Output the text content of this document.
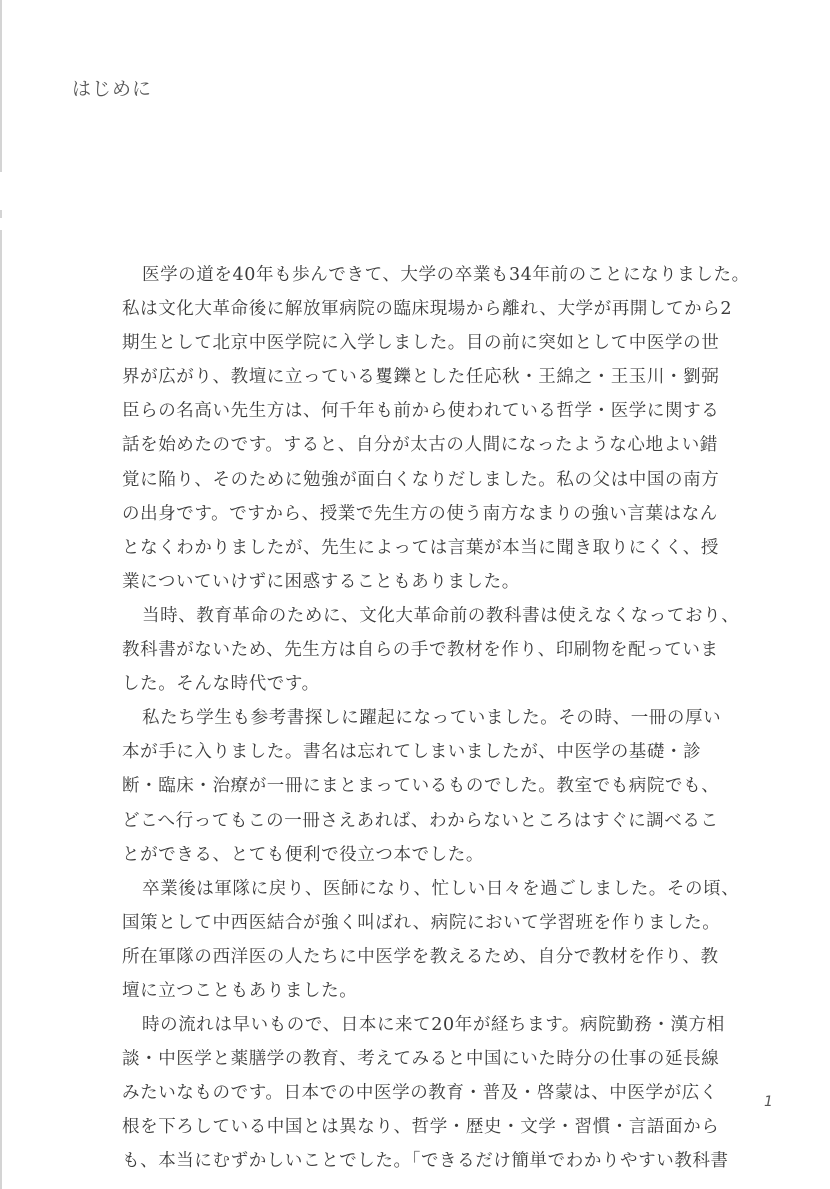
はじめに
医学の道を40年も歩んできて、大学の卒業も34年前のことになりました。
私は文化大革命後に解放軍病院の臨床現場から離れ、大学が再開してから2
期生として北京中医学院に入学しました。目の前に突如として中医学の世
界が広がり、教壇に立っている矍鑠とした任応秋・王綿之・王玉川・劉弼
臣らの名高い先生方は、何千年も前から使われている哲学・医学に関する
話を始めたのです。すると、自分が太古の人間になったような心地よい錯
覚に陥り、そのために勉強が面白くなりだしました。私の父は中国の南方
の出身です。ですから、授業で先生方の使う南方なまりの強い言葉はなん
となくわかりましたが、先生によっては言葉が本当に聞き取りにくく、授
業についていけずに困惑することもありました。
当時、教育革命のために、文化大革命前の教科書は使えなくなっており、
教科書がないため、先生方は自らの手で教材を作り、印刷物を配っていま
した。そんな時代です。
私たち学生も参考書探しに躍起になっていました。その時、一冊の厚い
本が手に入りました。書名は忘れてしまいましたが、中医学の基礎・診
断・臨床・治療が一冊にまとまっているものでした。教室でも病院でも、
どこへ行ってもこの一冊さえあれば、わからないところはすぐに調べるこ
とができる、とても便利で役立つ本でした。
卒業後は軍隊に戻り、医師になり、忙しい日々を過ごしました。その頃、
国策として中西医結合が強く叫ばれ、病院において学習班を作りました。
所在軍隊の西洋医の人たちに中医学を教えるため、自分で教材を作り、教
壇に立つこともありました。
時の流れは早いもので、日本に来て20年が経ちます。病院勤務・漢方相
談・中医学と薬膳学の教育、考えてみると中国にいた時分の仕事の延長線
みたいなものです。日本での中医学の教育・普及・啓蒙は、中医学が広く
根を下ろしている中国とは異なり、哲学・歴史・文学・習慣・言語面から
も、本当にむずかしいことでした。「できるだけ簡単でわかりやすい教科書
1
